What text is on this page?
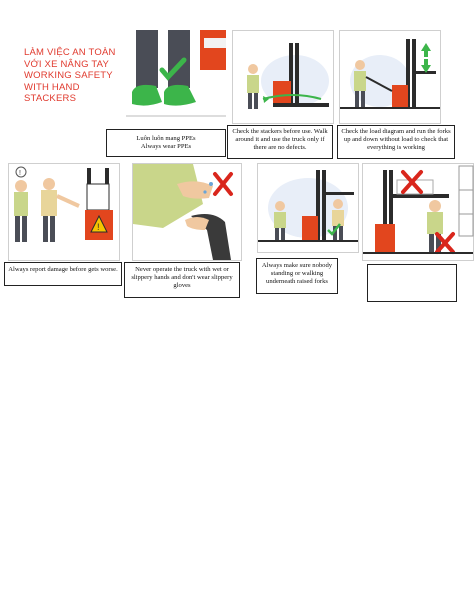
LÀM VIỆC AN TOÀN
VỚI XE NÂNG TAY
WORKING SAFETY
WITH HAND
STACKERS
Luôn luôn mang PPEs
Always wear PPEs
Check the stackers before use. Walk around it and use the truck only if there are no defects.
Check the load diagram and run the forks up and down without load to check that everything is working
!
!
Always report damage before gets worse.	Never operate the truck with wet or slippery hands and don't wear slippery gloves
Always make sure nobody standing or walking underneath raised forks
